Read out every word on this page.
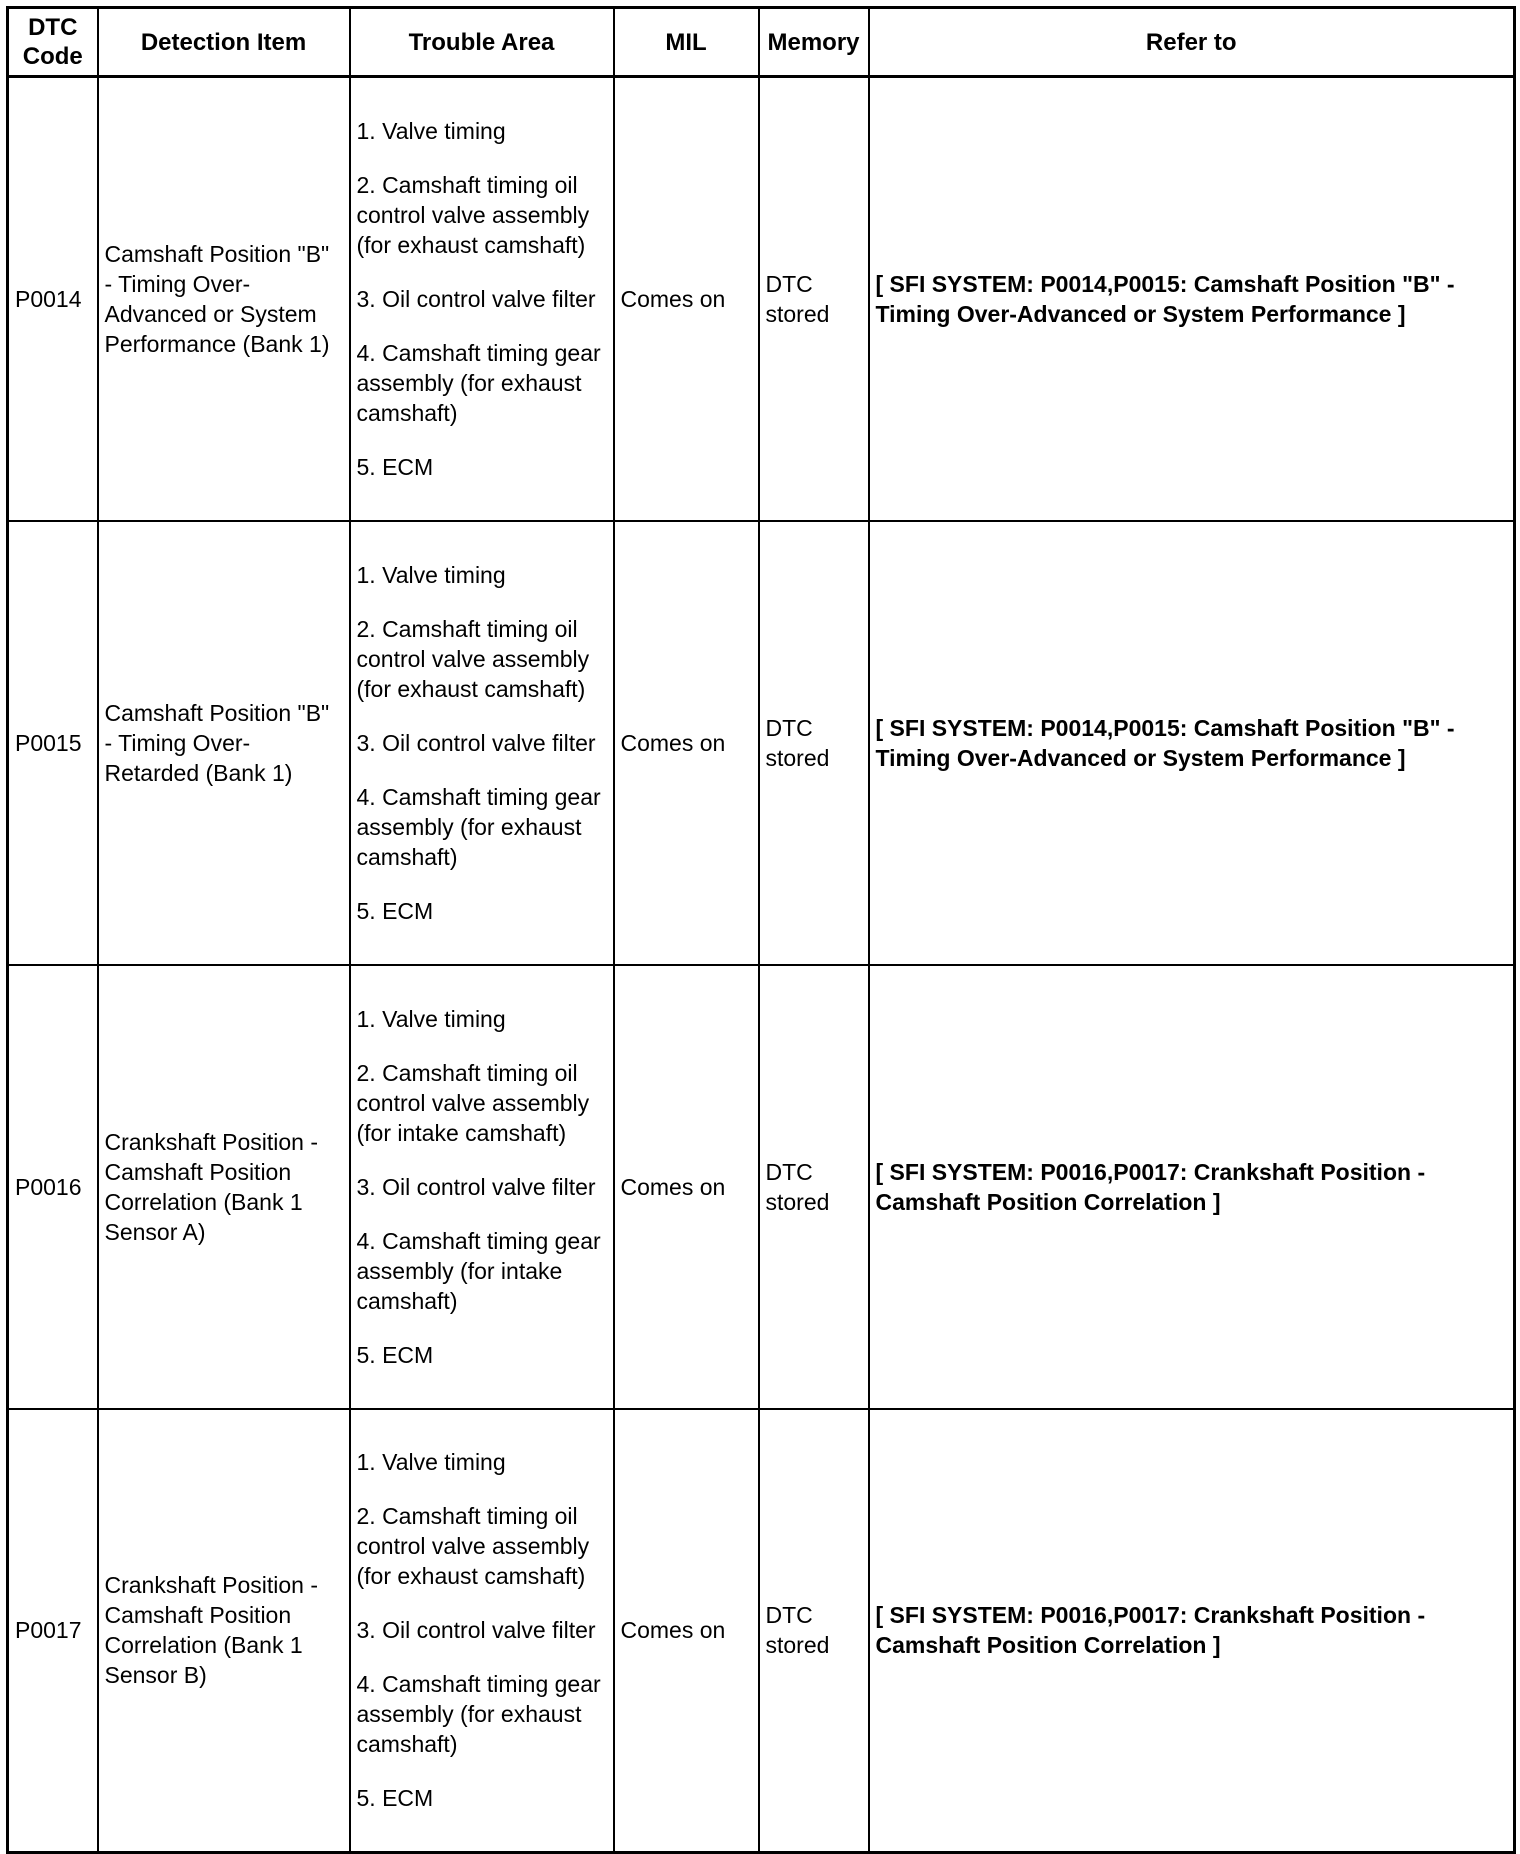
DTC Code	Detection Item	Trouble Area	MIL	Memory	Refer to
P0014	Camshaft Position "B" - Timing Over-Advanced or System Performance (Bank 1)	1. Valve timing

2. Camshaft timing oil control valve assembly (for exhaust camshaft)

3. Oil control valve filter

4. Camshaft timing gear assembly (for exhaust camshaft)

5. ECM	Comes on	DTC stored	[ SFI SYSTEM: P0014,P0015: Camshaft Position "B" - Timing Over-Advanced or System Performance ]
P0015	Camshaft Position "B" - Timing Over-Retarded (Bank 1)	1. Valve timing

2. Camshaft timing oil control valve assembly (for exhaust camshaft)

3. Oil control valve filter

4. Camshaft timing gear assembly (for exhaust camshaft)

5. ECM	Comes on	DTC stored	[ SFI SYSTEM: P0014,P0015: Camshaft Position "B" - Timing Over-Advanced or System Performance ]
P0016	Crankshaft Position - Camshaft Position Correlation (Bank 1 Sensor A)	1. Valve timing

2. Camshaft timing oil control valve assembly (for intake camshaft)

3. Oil control valve filter

4. Camshaft timing gear assembly (for intake camshaft)

5. ECM	Comes on	DTC stored	[ SFI SYSTEM: P0016,P0017: Crankshaft Position - Camshaft Position Correlation ]
P0017	Crankshaft Position - Camshaft Position Correlation (Bank 1 Sensor B)	1. Valve timing

2. Camshaft timing oil control valve assembly (for exhaust camshaft)

3. Oil control valve filter

4. Camshaft timing gear assembly (for exhaust camshaft)

5. ECM	Comes on	DTC stored	[ SFI SYSTEM: P0016,P0017: Crankshaft Position - Camshaft Position Correlation ]
